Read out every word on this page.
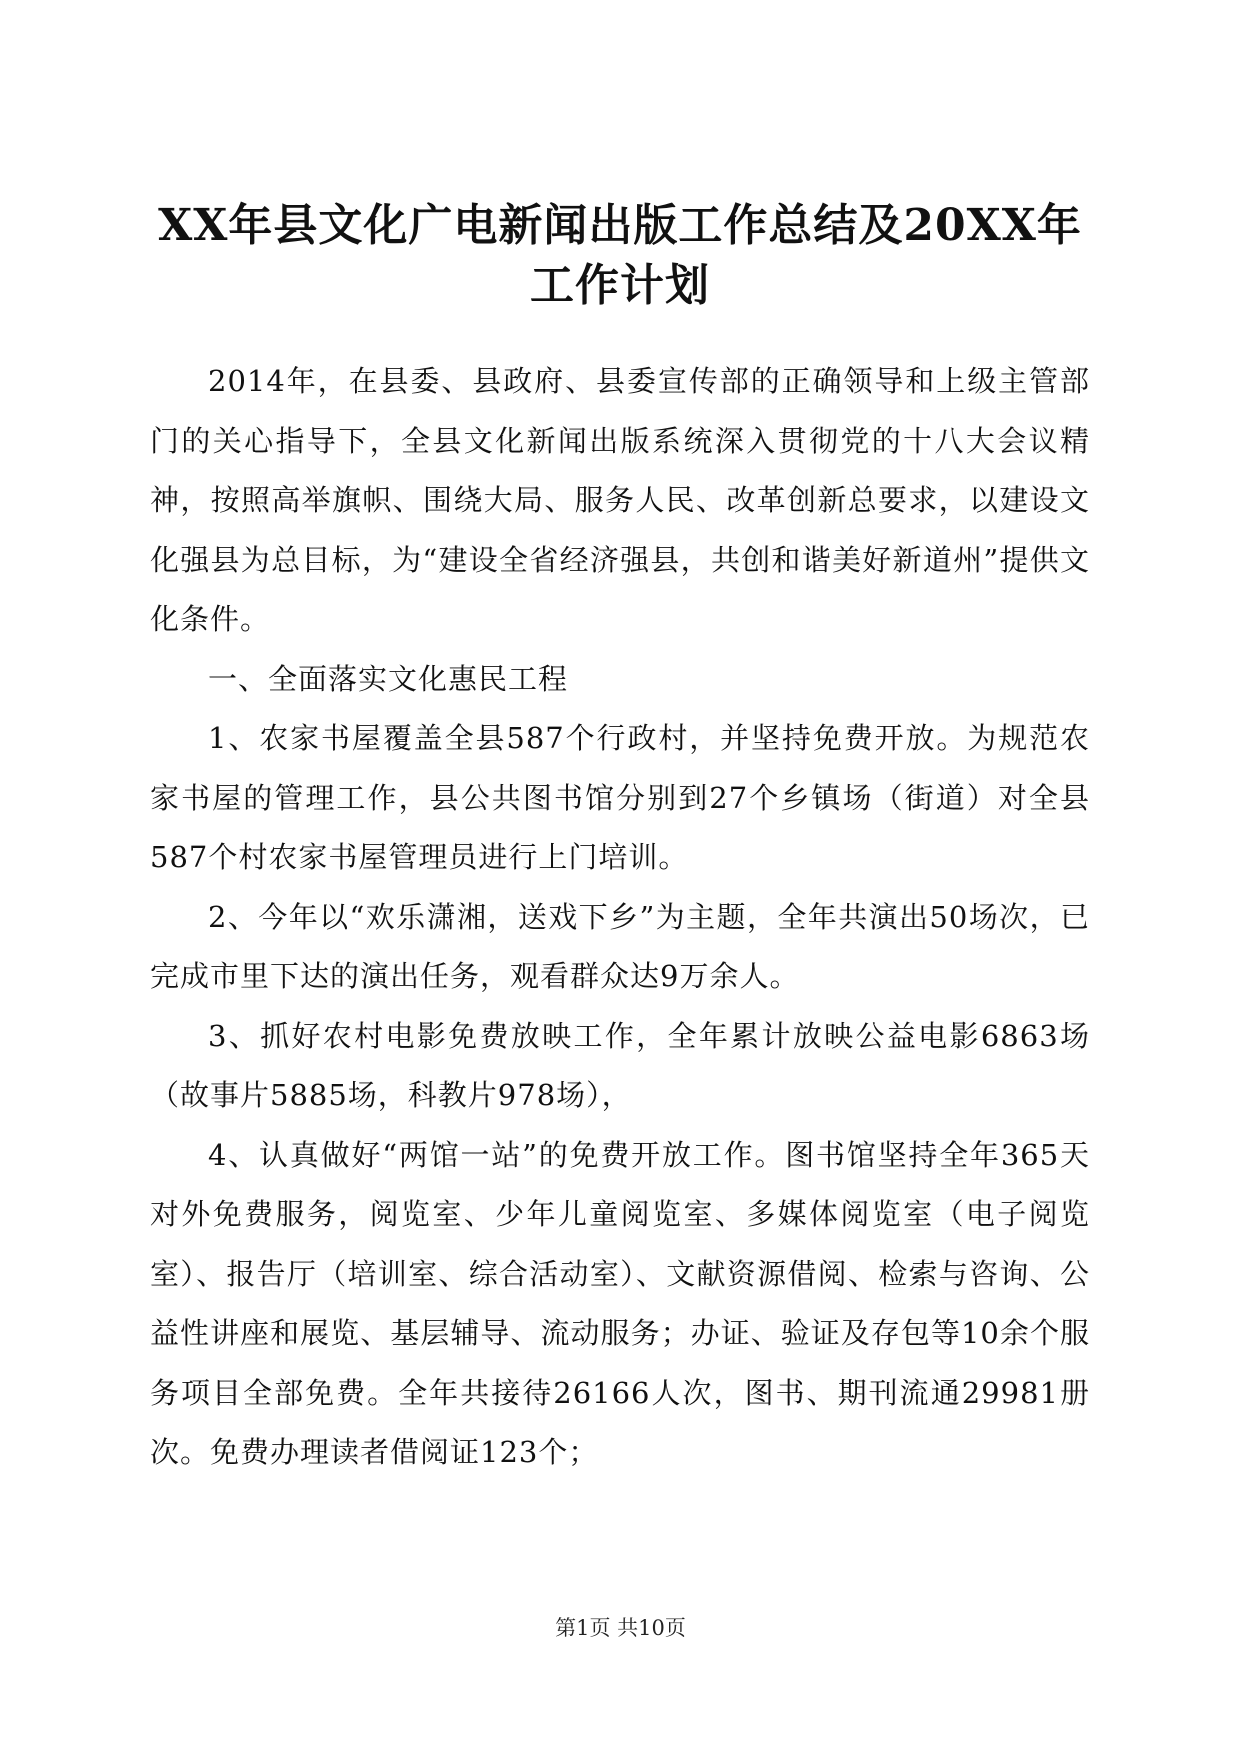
XX年县文化广电新闻出版工作总结及20XX年工作计划

2014年，在县委、县政府、县委宣传部的正确领导和上级主管部门的关心指导下，全县文化新闻出版系统深入贯彻党的十八大会议精神，按照高举旗帜、围绕大局、服务人民、改革创新总要求，以建设文化强县为总目标，为“建设全省经济强县，共创和谐美好新道州”提供文化条件。

一、全面落实文化惠民工程

1、农家书屋覆盖全县587个行政村，并坚持免费开放。为规范农家书屋的管理工作，县公共图书馆分别到27个乡镇场（街道）对全县587个村农家书屋管理员进行上门培训。

2、今年以“欢乐潇湘，送戏下乡”为主题，全年共演出50场次，已完成市里下达的演出任务，观看群众达9万余人。

3、抓好农村电影免费放映工作，全年累计放映公益电影6863场（故事片5885场，科教片978场），

4、认真做好“两馆一站”的免费开放工作。图书馆坚持全年365天对外免费服务，阅览室、少年儿童阅览室、多媒体阅览室（电子阅览室）、报告厅（培训室、综合活动室）、文献资源借阅、检索与咨询、公益性讲座和展览、基层辅导、流动服务；办证、验证及存包等10余个服务项目全部免费。全年共接待26166人次，图书、期刊流通29981册次。免费办理读者借阅证123个；

第1页 共10页
